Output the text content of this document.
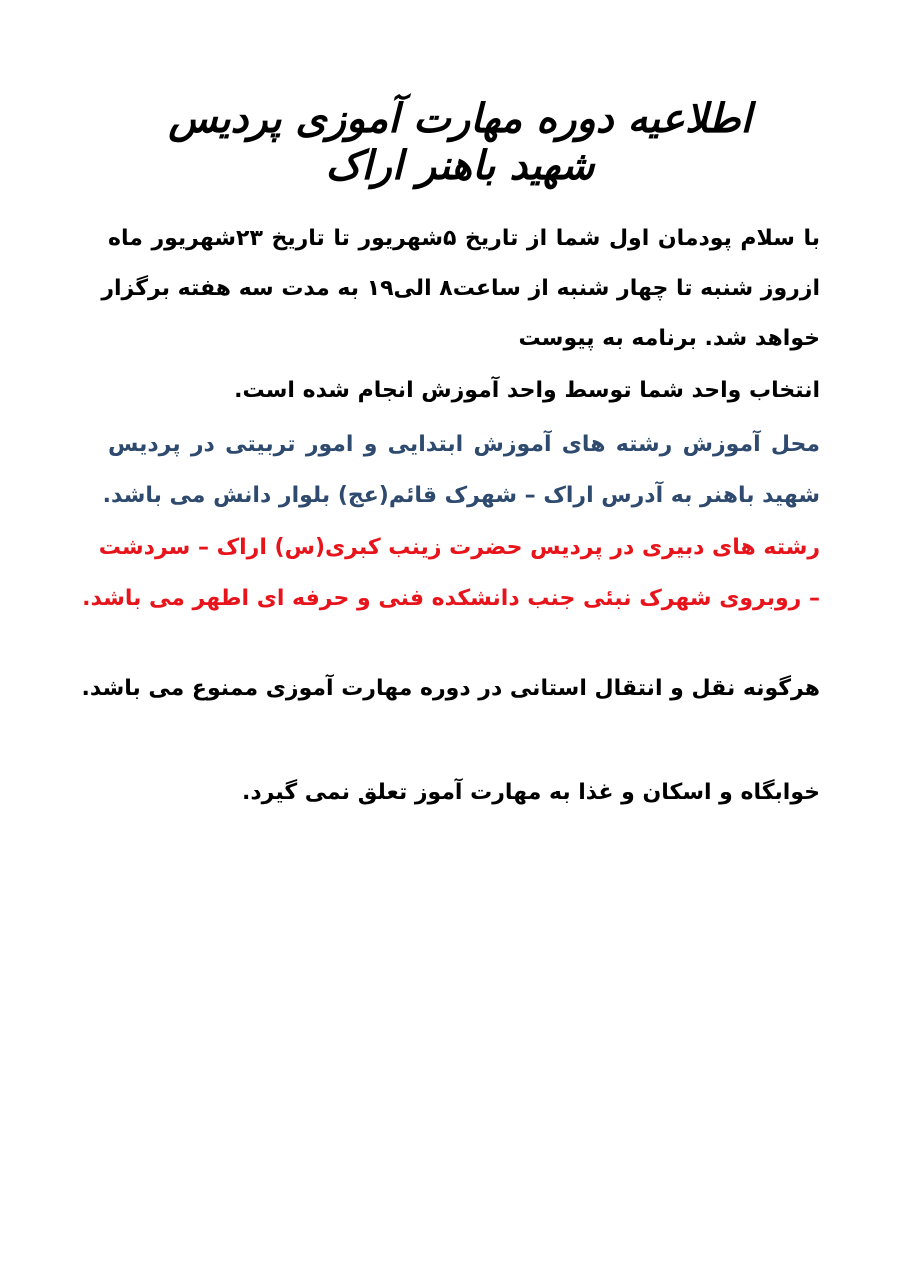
اطلاعیه دوره مهارت آموزی پردیس شهید باهنر اراک
با سلام پودمان اول شما از تاریخ ۵شهریور تا تاریخ ۲۳شهریور ماه
ازروز شنبه تا چهار شنبه از ساعت۸ الی۱۹ به مدت سه هفته برگزار
خواهد شد. برنامه به پیوست
انتخاب واحد شما توسط واحد آموزش انجام شده است.
محل آموزش رشته های آموزش ابتدایی و امور تربیتی در پردیس
شهید باهنر به آدرس اراک – شهرک قائم(عج) بلوار دانش می باشد.
رشته های دبیری در پردیس حضرت زینب کبری(س) اراک – سردشت
– روبروی شهرک نبئی جنب دانشکده فنی و حرفه ای اطهر می باشد.
هرگونه نقل و انتقال استانی در دوره مهارت آموزی ممنوع می باشد.
خوابگاه و اسکان و غذا به مهارت آموز تعلق نمی گیرد.
